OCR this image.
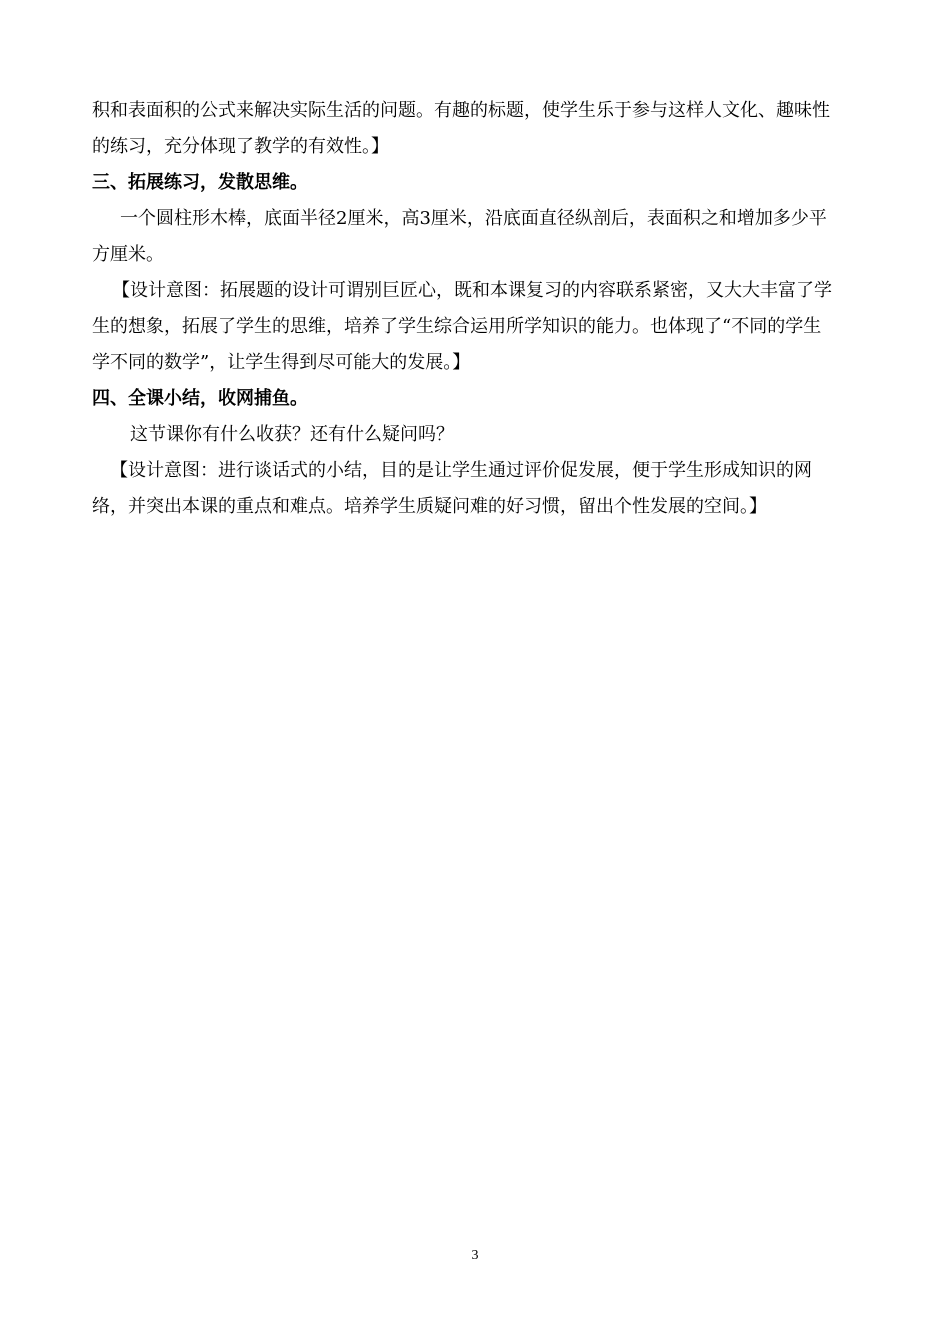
积和表面积的公式来解决实际生活的问题。有趣的标题，使学生乐于参与这样人文化、趣味性

的练习，充分体现了教学的有效性。】

三、拓展练习，发散思维。

一个圆柱形木棒，底面半径2厘米，高3厘米，沿底面直径纵剖后，表面积之和增加多少平

方厘米。

【设计意图：拓展题的设计可谓别巨匠心，既和本课复习的内容联系紧密，又大大丰富了学

生的想象，拓展了学生的思维，培养了学生综合运用所学知识的能力。也体现了“不同的学生

学不同的数学”，让学生得到尽可能大的发展。】

四、全课小结，收网捕鱼。

这节课你有什么收获？还有什么疑问吗？

【设计意图：进行谈话式的小结，目的是让学生通过评价促发展，便于学生形成知识的网

络，并突出本课的重点和难点。培养学生质疑问难的好习惯，留出个性发展的空间。】

3
